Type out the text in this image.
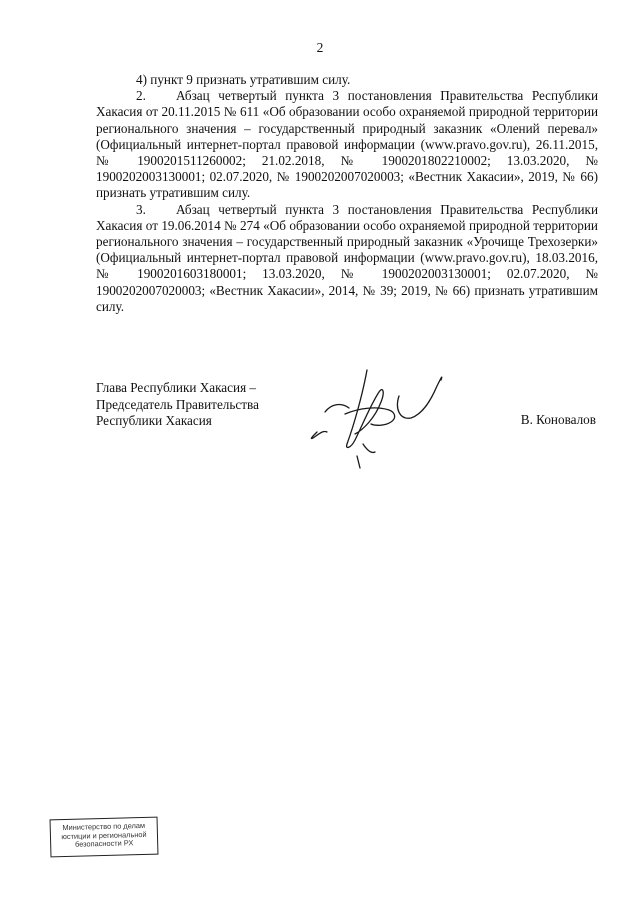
2

4) пункт 9 признать утратившим силу.

2. Абзац четвертый пункта 3 постановления Правительства Республики Хакасия от 20.11.2015 № 611 «Об образовании особо охраняемой природной территории регионального значения – государственный природный заказник «Олений перевал» (Официальный интернет-портал правовой информации (www.pravo.gov.ru), 26.11.2015, № 1900201511260002; 21.02.2018, № 1900201802210002; 13.03.2020, № 1900202003130001; 02.07.2020, № 1900202007020003; «Вестник Хакасии», 2019, № 66) признать утратившим силу.

3. Абзац четвертый пункта 3 постановления Правительства Республики Хакасия от 19.06.2014 № 274 «Об образовании особо охраняемой природной территории регионального значения – государственный природный заказник «Урочище Трехозерки» (Официальный интернет-портал правовой информации (www.pravo.gov.ru), 18.03.2016, № 1900201603180001; 13.03.2020, № 1900202003130001; 02.07.2020, № 1900202007020003; «Вестник Хакасии», 2014, № 39; 2019, № 66) признать утратившим силу.

Глава Республики Хакасия –
Председатель Правительства
Республики Хакасия	В. Коновалов
Министерство по делам
юстиции и региональной
безопасности РХ
